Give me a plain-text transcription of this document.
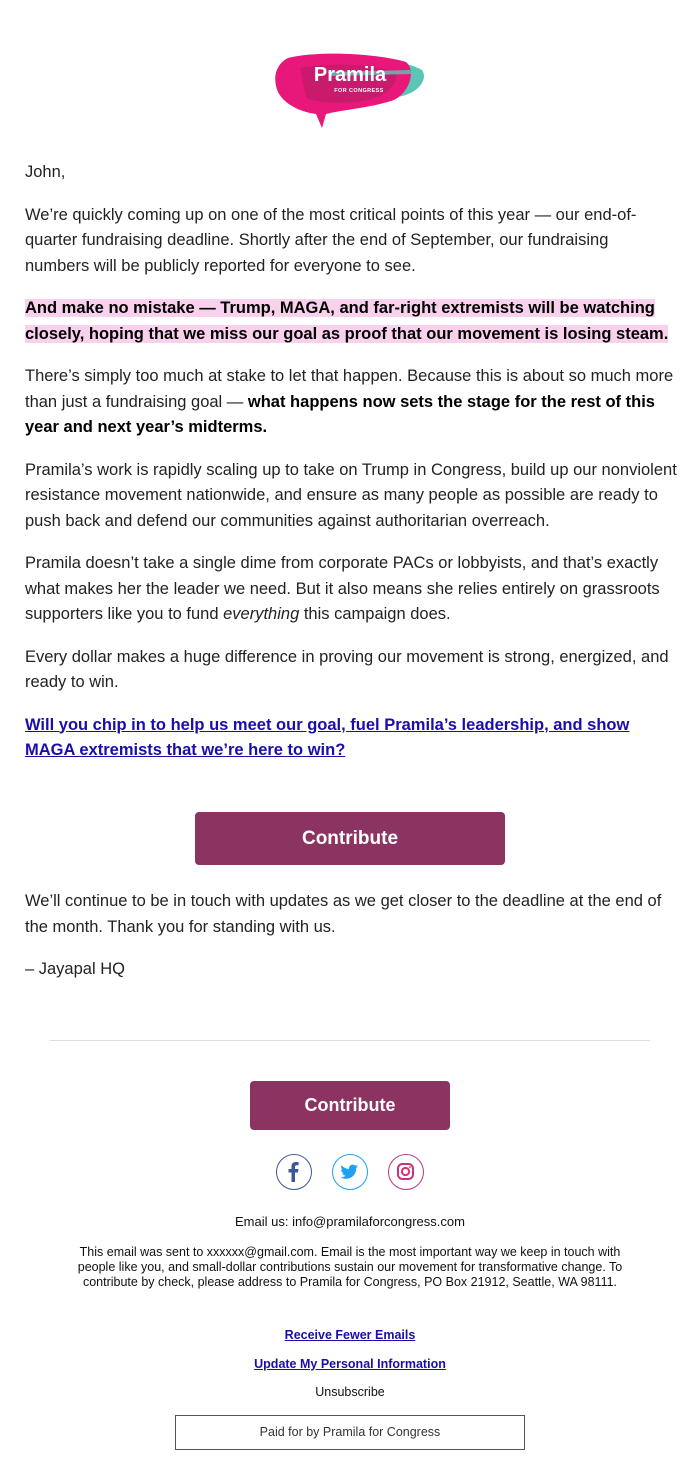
Pramila
FOR CONGRESS

John,

We’re quickly coming up on one of the most critical points of this year — our end-of-quarter fundraising deadline. Shortly after the end of September, our fundraising numbers will be publicly reported for everyone to see.

And make no mistake — Trump, MAGA, and far-right extremists will be watching closely, hoping that we miss our goal as proof that our movement is losing steam.

There’s simply too much at stake to let that happen. Because this is about so much more than just a fundraising goal — what happens now sets the stage for the rest of this year and next year’s midterms.

Pramila’s work is rapidly scaling up to take on Trump in Congress, build up our nonviolent resistance movement nationwide, and ensure as many people as possible are ready to push back and defend our communities against authoritarian overreach.

Pramila doesn’t take a single dime from corporate PACs or lobbyists, and that’s exactly what makes her the leader we need. But it also means she relies entirely on grassroots supporters like you to fund everything this campaign does.

Every dollar makes a huge difference in proving our movement is strong, energized, and ready to win.

Will you chip in to help us meet our goal, fuel Pramila’s leadership, and show MAGA extremists that we’re here to win?

Contribute

We’ll continue to be in touch with updates as we get closer to the deadline at the end of the month. Thank you for standing with us.

– Jayapal HQ

Contribute
Email us: info@pramilaforcongress.com
This email was sent to xxxxxx@gmail.com. Email is the most important way we keep in touch with people like you, and small-dollar contributions sustain our movement for transformative change. To contribute by check, please address to Pramila for Congress, PO Box 21912, Seattle, WA 98111.
Receive Fewer Emails
Update My Personal Information
Unsubscribe
Paid for by Pramila for Congress
